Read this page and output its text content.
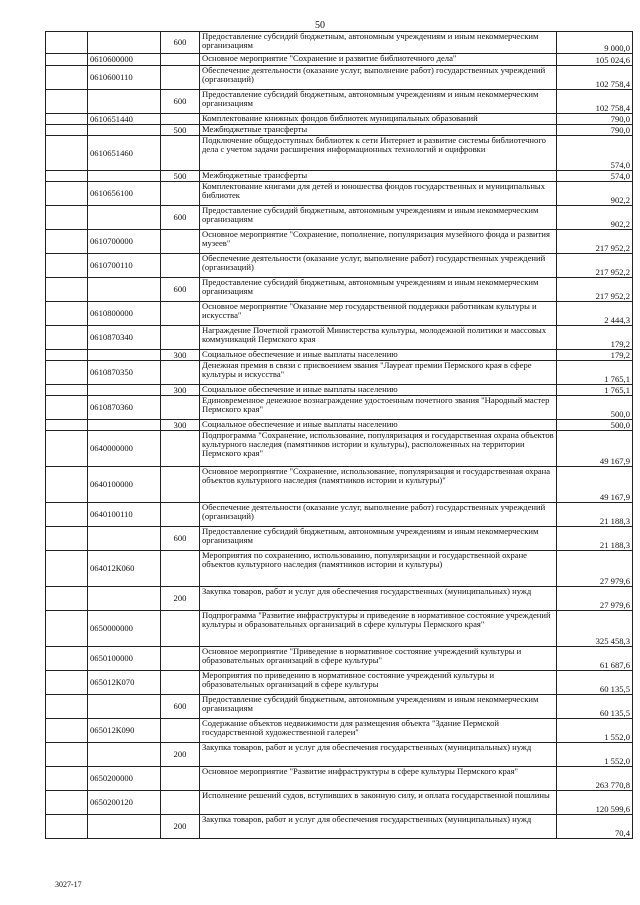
50
		600	Предоставление субсидий бюджетным, автономным учреждениям и иным некоммерческим организациям	9 000,0
	0610600000		Основное мероприятие "Сохранение и развитие библиотечного дела"	105 024,6
	0610600110		Обеспечение деятельности (оказание услуг, выполнение работ) государственных учреждений (организаций)	102 758,4
		600	Предоставление субсидий бюджетным, автономным учреждениям и иным некоммерческим организациям	102 758,4
	0610651440		Комплектование книжных фондов библиотек муниципальных образований	790,0
		500	Межбюджетные трансферты	790,0
	0610651460		Подключение общедоступных библиотек к сети Интернет и развитие системы библиотечного дела с учетом задачи расширения информационных технологий и оцифровки	574,0
		500	Межбюджетные трансферты	574,0
	0610656100		Комплектование книгами для детей и юношества фондов государственных и муниципальных библиотек	902,2
		600	Предоставление субсидий бюджетным, автономным учреждениям и иным некоммерческим организациям	902,2
	0610700000		Основное мероприятие "Сохранение, пополнение, популяризация музейного фонда и развития музеев"	217 952,2
	0610700110		Обеспечение деятельности (оказание услуг, выполнение работ) государственных учреждений (организаций)	217 952,2
		600	Предоставление субсидий бюджетным, автономным учреждениям и иным некоммерческим организациям	217 952,2
	0610800000		Основное мероприятие "Оказание мер государственной поддержки работникам культуры и искусства"	2 444,3
	0610870340		Награждение Почетной грамотой Министерства культуры, молодежной политики и массовых коммуникаций Пермского края	179,2
		300	Социальное обеспечение и иные выплаты населению	179,2
	0610870350		Денежная премия в связи с присвоением звания "Лауреат премии Пермского края в сфере культуры и искусства"	1 765,1
		300	Социальное обеспечение и иные выплаты населению	1 765,1
	0610870360		Единовременное денежное вознаграждение удостоенным почетного звания "Народный мастер Пермского края"	500,0
		300	Социальное обеспечение и иные выплаты населению	500,0
	0640000000		Подпрограмма "Сохранение, использование, популяризация и государственная охрана объектов культурного наследия (памятников истории и культуры), расположенных на территории Пермского края"	49 167,9
	0640100000		Основное мероприятие "Сохранение, использование, популяризация и государственная охрана объектов культурного наследия (памятников истории и культуры)"	49 167,9
	0640100110		Обеспечение деятельности (оказание услуг, выполнение работ) государственных учреждений (организаций)	21 188,3
		600	Предоставление субсидий бюджетным, автономным учреждениям и иным некоммерческим организациям	21 188,3
	064012К060		Мероприятия по сохранению, использованию, популяризации и государственной охране объектов культурного наследия (памятников истории и культуры)	27 979,6
		200	Закупка товаров, работ и услуг для обеспечения государственных (муниципальных) нужд	27 979,6
	0650000000		Подпрограмма "Развитие инфраструктуры и приведение в нормативное состояние учреждений культуры и образовательных организаций в сфере культуры Пермского края"	325 458,3
	0650100000		Основное мероприятие "Приведение в нормативное состояние учреждений культуры и образовательных организаций в сфере культуры"	61 687,6
	065012К070		Мероприятия по приведению в нормативное состояние учреждений культуры и образовательных организаций в сфере культуры	60 135,5
		600	Предоставление субсидий бюджетным, автономным учреждениям и иным некоммерческим организациям	60 135,5
	065012К090		Содержание объектов недвижимости для размещения объекта "Здание Пермской государственной художественной галереи"	1 552,0
		200	Закупка товаров, работ и услуг для обеспечения государственных (муниципальных) нужд	1 552,0
	0650200000		Основное мероприятие "Развитие инфраструктуры в сфере культуры Пермского края"	263 770,8
	0650200120		Исполнение решений судов, вступивших в законную силу, и оплата государственной пошлины	120 599,6
		200	Закупка товаров, работ и услуг для обеспечения государственных (муниципальных) нужд	70,4
3027-17
